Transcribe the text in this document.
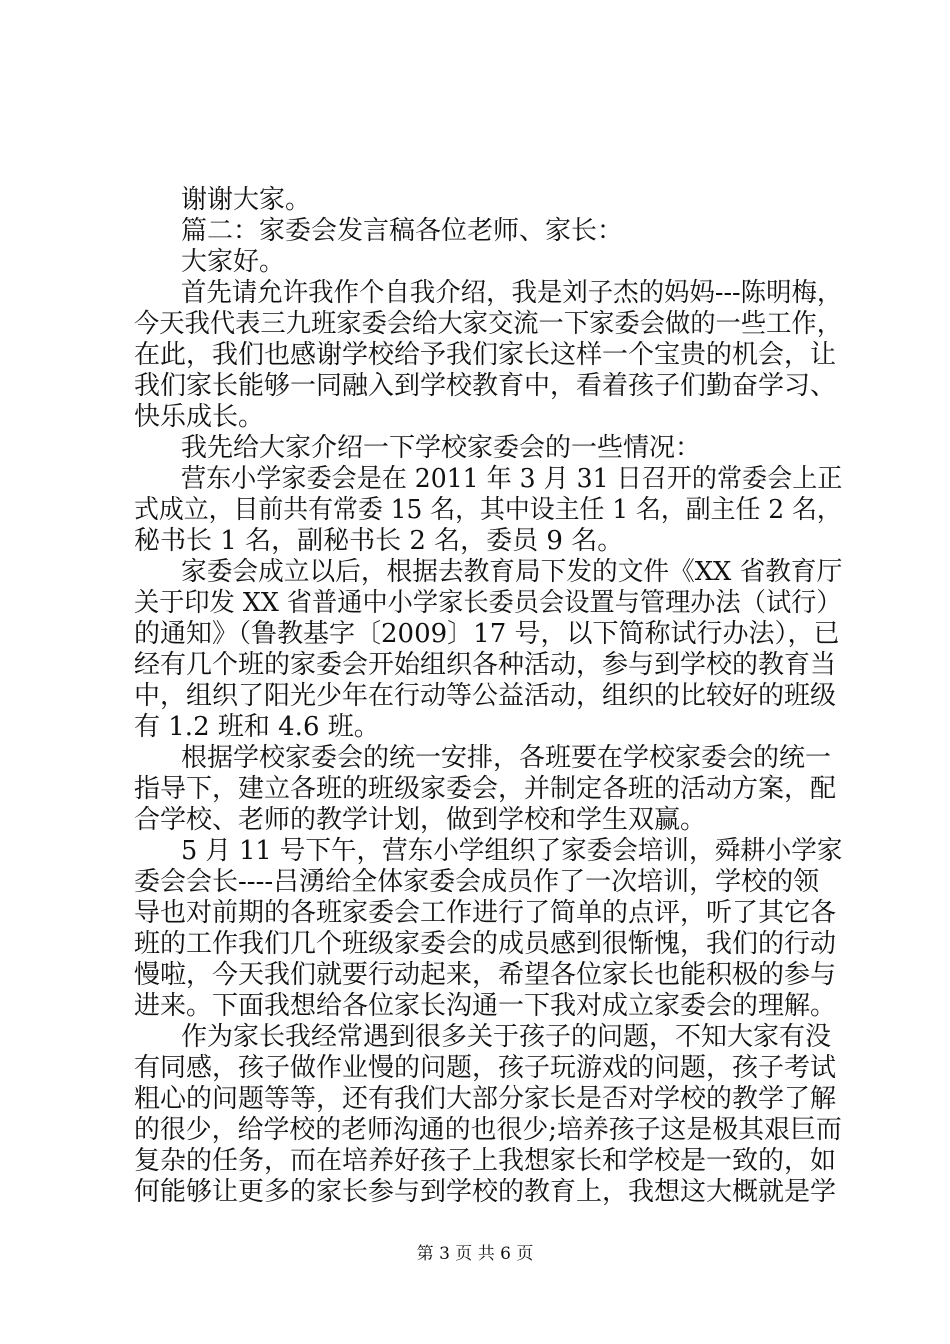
谢谢大家。
篇二：家委会发言稿各位老师、家长：
大家好。
首先请允许我作个自我介绍，我是刘子杰的妈妈---陈明梅，
今天我代表三九班家委会给大家交流一下家委会做的一些工作，
在此，我们也感谢学校给予我们家长这样一个宝贵的机会，让
我们家长能够一同融入到学校教育中，看着孩子们勤奋学习、
快乐成长。
我先给大家介绍一下学校家委会的一些情况：
营东小学家委会是在 2011 年 3 月 31 日召开的常委会上正
式成立，目前共有常委 15 名，其中设主任 1 名，副主任 2 名，
秘书长 1 名，副秘书长 2 名，委员 9 名。
家委会成立以后，根据去教育局下发的文件《XX 省教育厅
关于印发 XX 省普通中小学家长委员会设置与管理办法（试行）
的通知》（鲁教基字〔2009〕17 号，以下简称试行办法），已
经有几个班的家委会开始组织各种活动，参与到学校的教育当
中，组织了阳光少年在行动等公益活动，组织的比较好的班级
有 1.2 班和 4.6 班。
根据学校家委会的统一安排，各班要在学校家委会的统一
指导下，建立各班的班级家委会，并制定各班的活动方案，配
合学校、老师的教学计划，做到学校和学生双赢。
5 月 11 号下午，营东小学组织了家委会培训，舜耕小学家
委会会长----吕湧给全体家委会成员作了一次培训，学校的领
导也对前期的各班家委会工作进行了简单的点评，听了其它各
班的工作我们几个班级家委会的成员感到很惭愧，我们的行动
慢啦，今天我们就要行动起来，希望各位家长也能积极的参与
进来。下面我想给各位家长沟通一下我对成立家委会的理解。
作为家长我经常遇到很多关于孩子的问题，不知大家有没
有同感，孩子做作业慢的问题，孩子玩游戏的问题，孩子考试
粗心的问题等等，还有我们大部分家长是否对学校的教学了解
的很少，给学校的老师沟通的也很少;培养孩子这是极其艰巨而
复杂的任务，而在培养好孩子上我想家长和学校是一致的，如
何能够让更多的家长参与到学校的教育上，我想这大概就是学
第 3 页 共 6 页
